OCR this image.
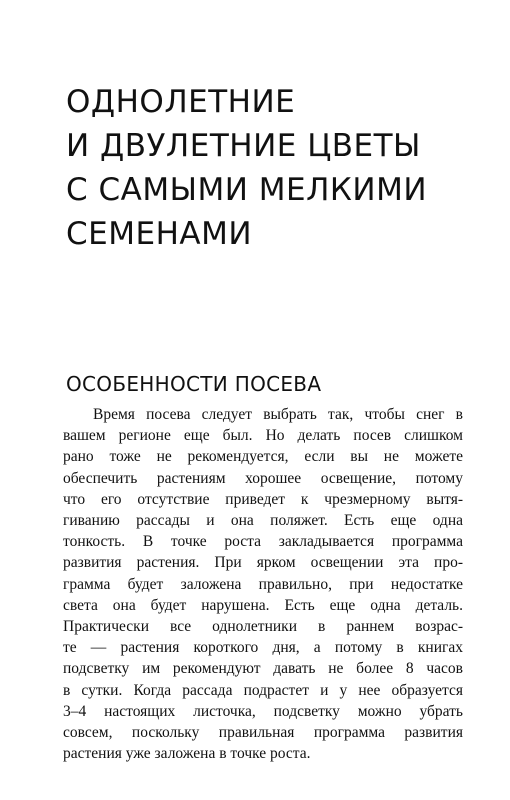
ОДНОЛЕТНИЕ
И ДВУЛЕТНИЕ ЦВЕТЫ
С САМЫМИ МЕЛКИМИ
СЕМЕНАМИ
ОСОБЕННОСТИ ПОСЕВА
Время посева следует выбрать так, чтобы снег в
вашем регионе еще был. Но делать посев слишком
рано тоже не рекомендуется, если вы не можете
обеспечить растениям хорошее освещение, потому
что его отсутствие приведет к чрезмерному вытя-
гиванию рассады и она поляжет. Есть еще одна
тонкость. В точке роста закладывается программа
развития растения. При ярком освещении эта про-
грамма будет заложена правильно, при недостатке
света она будет нарушена. Есть еще одна деталь.
Практически все однолетники в раннем возрас-
те — растения короткого дня, а потому в книгах
подсветку им рекомендуют давать не более 8 часов
в сутки. Когда рассада подрастет и у нее образуется
3–4 настоящих листочка, подсветку можно убрать
совсем, поскольку правильная программа развития
растения уже заложена в точке роста.
